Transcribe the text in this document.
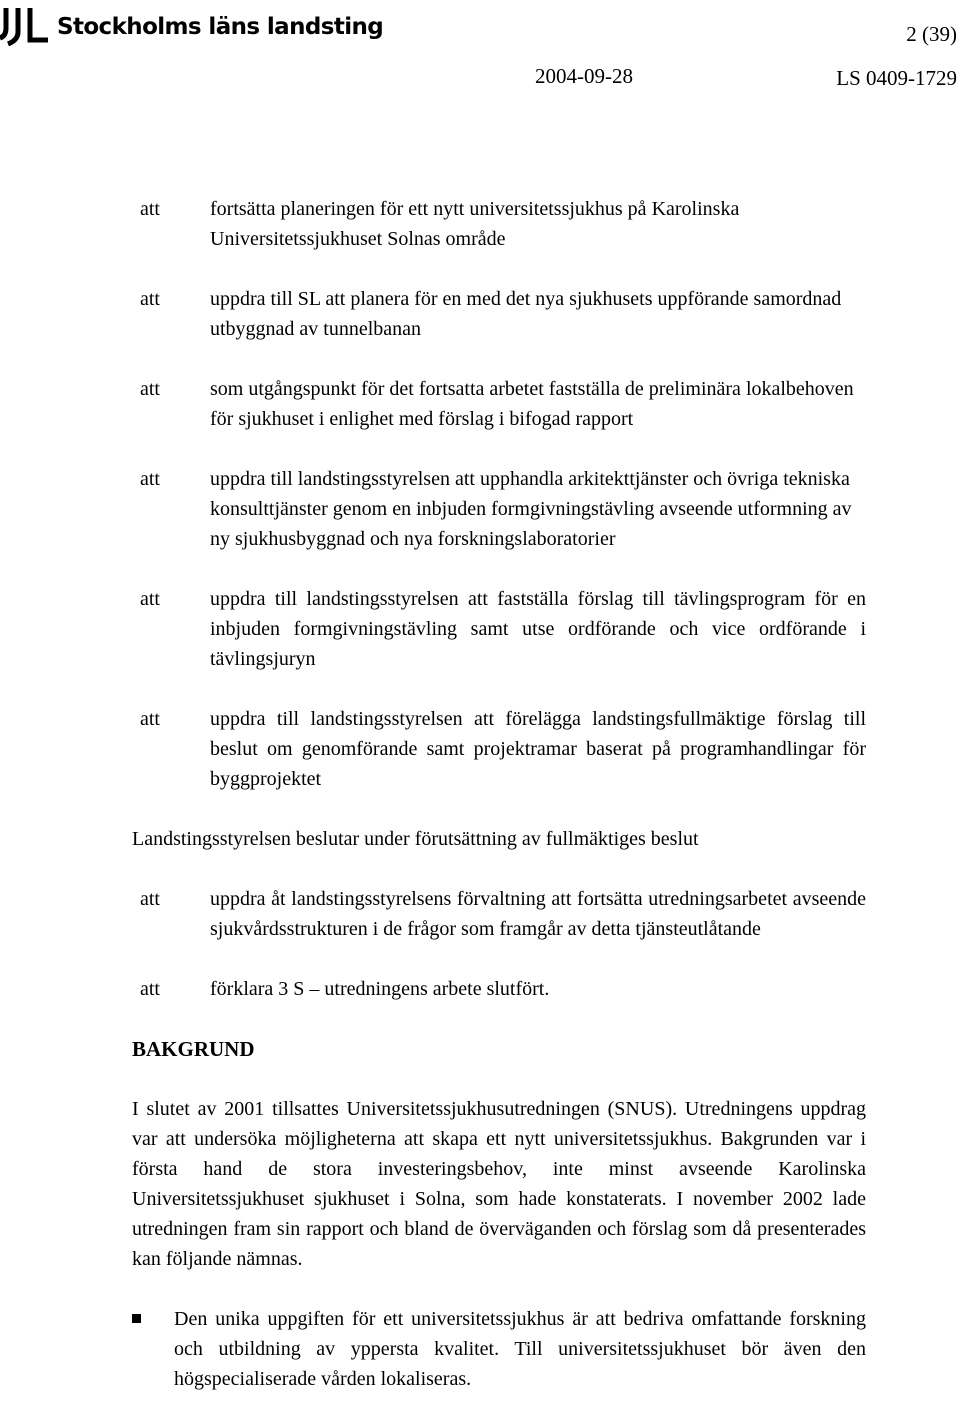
Stockholms läns landsting	2 (39)
2004-09-28	LS 0409-1729
att	fortsätta planeringen för ett nytt universitetssjukhus på Karolinska Universitetssjukhuset Solnas område
att	uppdra till SL att planera för en med det nya sjukhusets uppförande samordnad utbyggnad av tunnelbanan
att	som utgångspunkt för det fortsatta arbetet fastställa de preliminära lokalbehoven för sjukhuset i enlighet med förslag i bifogad rapport
att	uppdra till landstingsstyrelsen att upphandla arkitekttjänster och övriga tekniska konsulttjänster genom en inbjuden formgivningstävling avseende utformning av ny sjukhusbyggnad och nya forskningslaboratorier
att	uppdra till landstingsstyrelsen att fastställa förslag till tävlingsprogram för en inbjuden formgivningstävling samt utse ordförande och vice ordförande i tävlingsjuryn
att	uppdra till landstingsstyrelsen att förelägga landstingsfullmäktige förslag till beslut om genomförande samt projektramar baserat på programhandlingar för byggprojektet
Landstingsstyrelsen beslutar under förutsättning av fullmäktiges beslut
att	uppdra åt landstingsstyrelsens förvaltning att fortsätta utredningsarbetet avseende sjukvårdsstrukturen i de frågor som framgår av detta tjänsteutlåtande
att	förklara 3 S – utredningens arbete slutfört.
BAKGRUND
I slutet av 2001 tillsattes Universitetssjukhusutredningen (SNUS). Utredningens uppdrag var att undersöka möjligheterna att skapa ett nytt universitetssjukhus. Bakgrunden var i första hand de stora investeringsbehov, inte minst avseende Karolinska Universitetssjukhuset sjukhuset i Solna, som hade konstaterats. I november 2002 lade utredningen fram sin rapport och bland de överväganden och förslag som då presenterades kan följande nämnas.
Den unika uppgiften för ett universitetssjukhus är att bedriva omfattande forskning och utbildning av yppersta kvalitet. Till universitetssjukhuset bör även den högspecialiserade vården lokaliseras.
